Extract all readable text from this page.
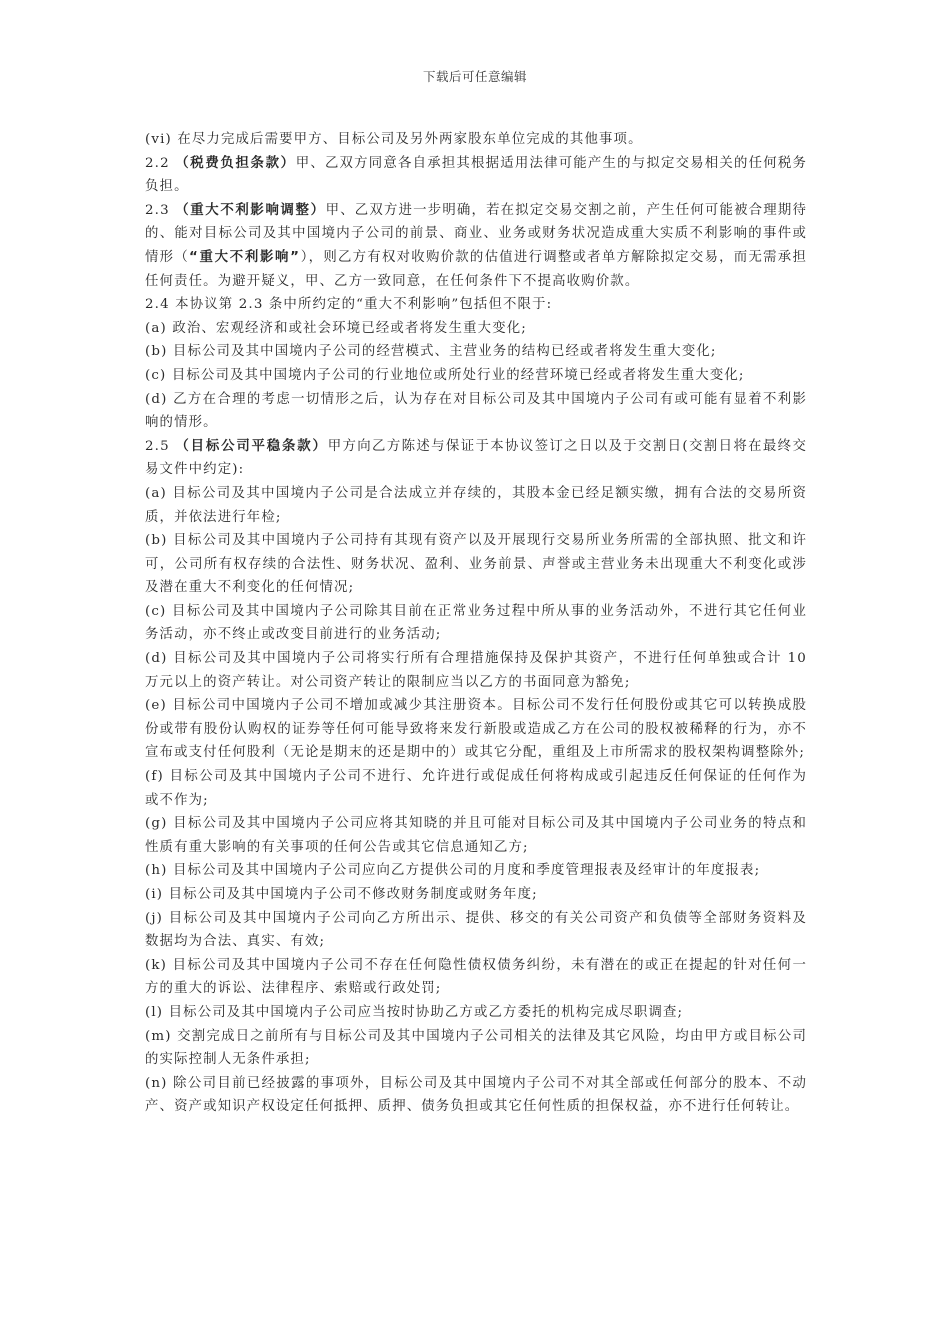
下载后可任意编辑

(vi) 在尽力完成后需要甲方、目标公司及另外两家股东单位完成的其他事项。

2.2 （税费负担条款）甲、乙双方同意各自承担其根据适用法律可能产生的与拟定交易相关的任何税务负担。

2.3 （重大不利影响调整）甲、乙双方进一步明确，若在拟定交易交割之前，产生任何可能被合理期待的、能对目标公司及其中国境内子公司的前景、商业、业务或财务状况造成重大实质不利影响的事件或情形（“重大不利影响”），则乙方有权对收购价款的估值进行调整或者单方解除拟定交易，而无需承担任何责任。为避开疑义，甲、乙方一致同意，在任何条件下不提高收购价款。

2.4 本协议第 2.3 条中所约定的“重大不利影响”包括但不限于:

(a) 政治、宏观经济和或社会环境已经或者将发生重大变化;

(b) 目标公司及其中国境内子公司的经营模式、主营业务的结构已经或者将发生重大变化;

(c) 目标公司及其中国境内子公司的行业地位或所处行业的经营环境已经或者将发生重大变化;

(d) 乙方在合理的考虑一切情形之后，认为存在对目标公司及其中国境内子公司有或可能有显着不利影响的情形。

2.5 （目标公司平稳条款）甲方向乙方陈述与保证于本协议签订之日以及于交割日(交割日将在最终交易文件中约定):

(a) 目标公司及其中国境内子公司是合法成立并存续的，其股本金已经足额实缴，拥有合法的交易所资质，并依法进行年检;

(b) 目标公司及其中国境内子公司持有其现有资产以及开展现行交易所业务所需的全部执照、批文和许可，公司所有权存续的合法性、财务状况、盈利、业务前景、声誉或主营业务未出现重大不利变化或涉及潜在重大不利变化的任何情况;

(c) 目标公司及其中国境内子公司除其目前在正常业务过程中所从事的业务活动外，不进行其它任何业务活动，亦不终止或改变目前进行的业务活动;

(d) 目标公司及其中国境内子公司将实行所有合理措施保持及保护其资产，不进行任何单独或合计 10 万元以上的资产转让。对公司资产转让的限制应当以乙方的书面同意为豁免;

(e) 目标公司中国境内子公司不增加或减少其注册资本。目标公司不发行任何股份或其它可以转换成股份或带有股份认购权的证券等任何可能导致将来发行新股或造成乙方在公司的股权被稀释的行为，亦不宣布或支付任何股利（无论是期末的还是期中的）或其它分配，重组及上市所需求的股权架构调整除外;

(f) 目标公司及其中国境内子公司不进行、允许进行或促成任何将构成或引起违反任何保证的任何作为或不作为;

(g) 目标公司及其中国境内子公司应将其知晓的并且可能对目标公司及其中国境内子公司业务的特点和性质有重大影响的有关事项的任何公告或其它信息通知乙方;

(h) 目标公司及其中国境内子公司应向乙方提供公司的月度和季度管理报表及经审计的年度报表;

(i) 目标公司及其中国境内子公司不修改财务制度或财务年度;

(j) 目标公司及其中国境内子公司向乙方所出示、提供、移交的有关公司资产和负债等全部财务资料及数据均为合法、真实、有效;

(k) 目标公司及其中国境内子公司不存在任何隐性债权债务纠纷，未有潜在的或正在提起的针对任何一方的重大的诉讼、法律程序、索赔或行政处罚;

(l) 目标公司及其中国境内子公司应当按时协助乙方或乙方委托的机构完成尽职调查;

(m) 交割完成日之前所有与目标公司及其中国境内子公司相关的法律及其它风险，均由甲方或目标公司的实际控制人无条件承担;

(n) 除公司目前已经披露的事项外，目标公司及其中国境内子公司不对其全部或任何部分的股本、不动产、资产或知识产权设定任何抵押、质押、债务负担或其它任何性质的担保权益，亦不进行任何转让。
